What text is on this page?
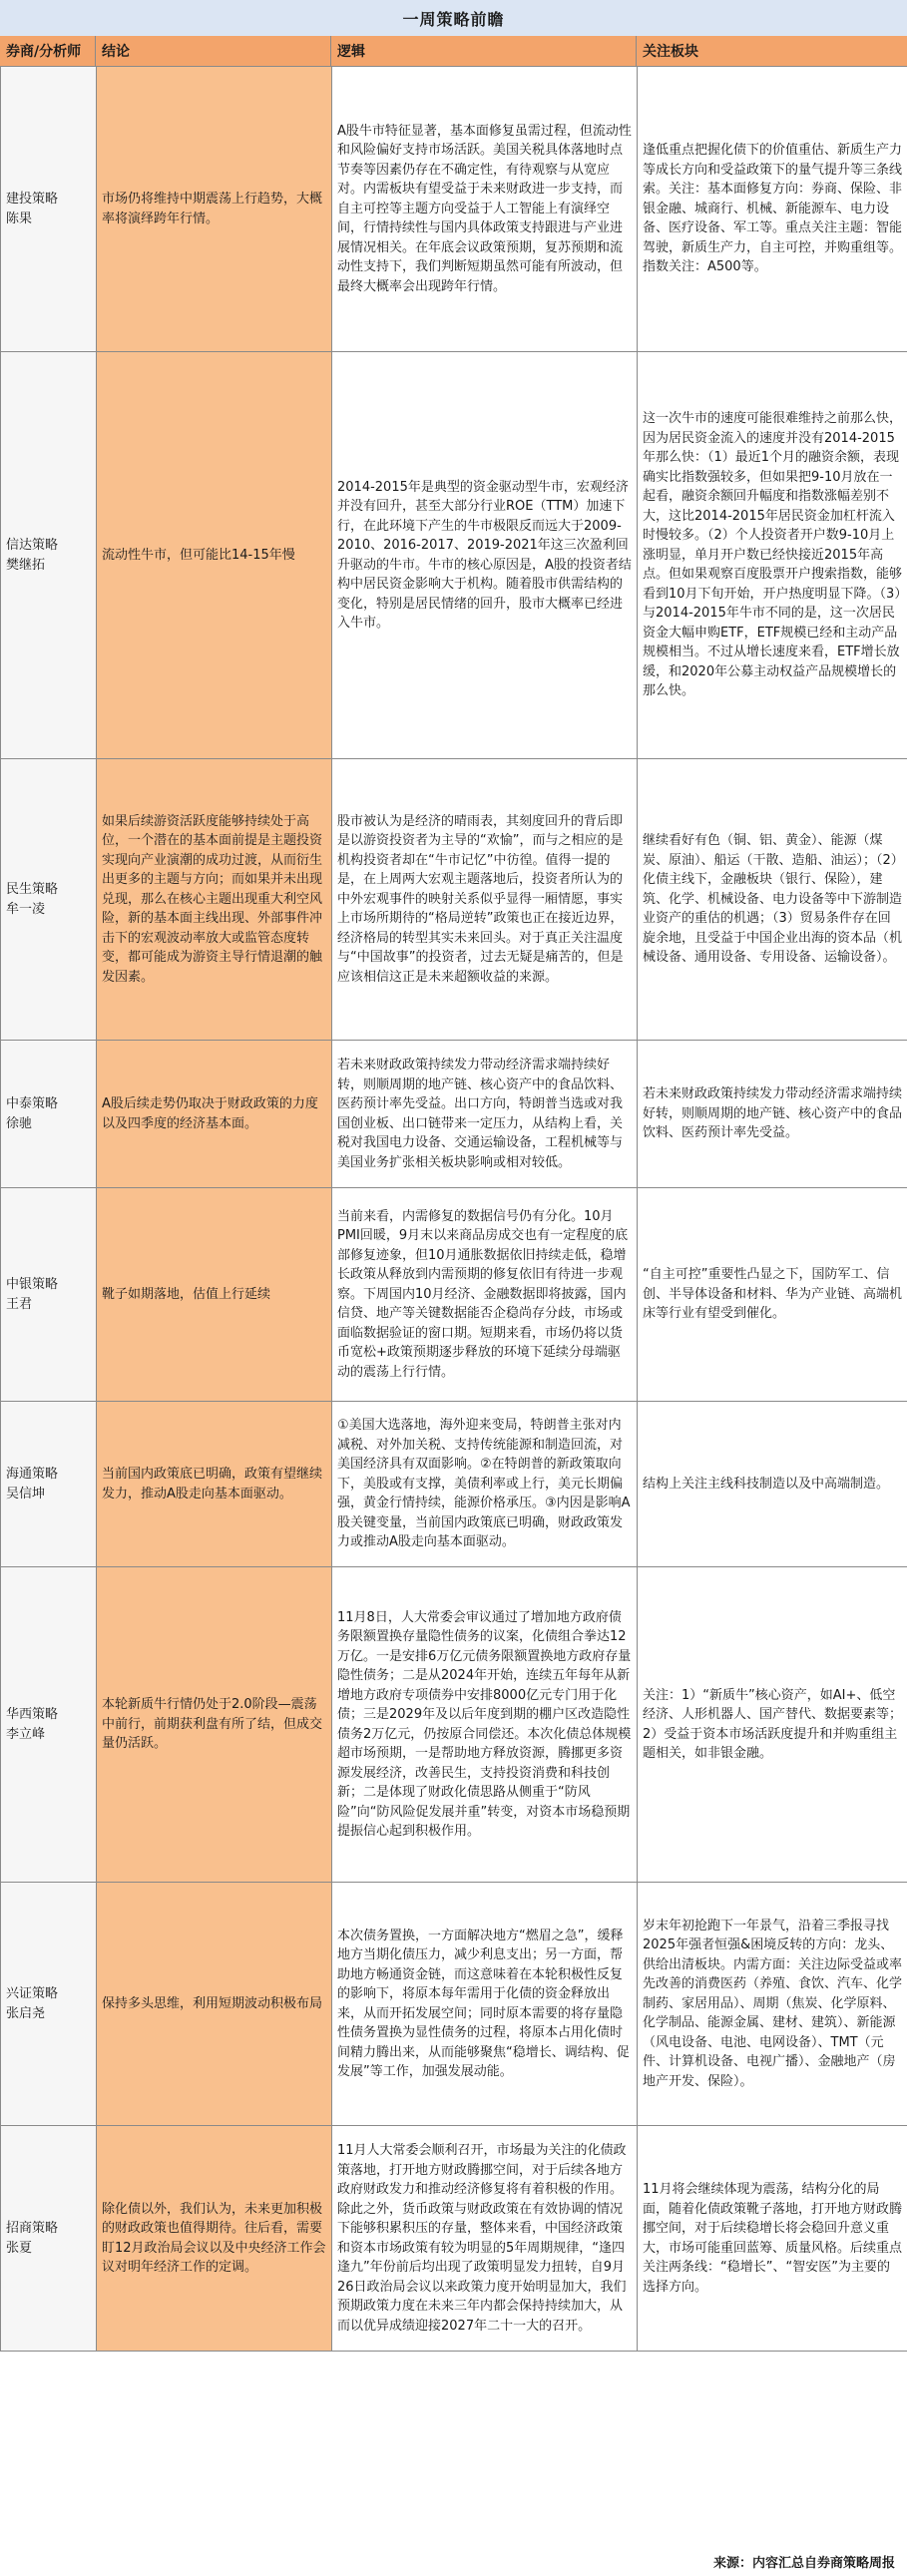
一周策略前瞻
券商/分析师	结论	逻辑	关注板块
建投策略
陈果	市场仍将维持中期震荡上行趋势，大概率将演绎跨年行情。	A股牛市特征显著，基本面修复虽需过程，但流动性和风险偏好支持市场活跃。美国关税具体落地时点节奏等因素仍存在不确定性，有待观察与从宽应对。内需板块有望受益于未来财政进一步支持，而自主可控等主题方向受益于人工智能上有演绎空间，行情持续性与国内具体政策支持跟进与产业进展情况相关。在年底会议政策预期，复苏预期和流动性支持下，我们判断短期虽然可能有所波动，但最终大概率会出现跨年行情。	逢低重点把握化债下的价值重估、新质生产力等成长方向和受益政策下的量气提升等三条线索。关注：基本面修复方向：券商、保险、非银金融、城商行、机械、新能源车、电力设备、医疗设备、军工等。重点关注主题：智能驾驶，新质生产力，自主可控，并购重组等。指数关注：A500等。

信达策略
樊继拓	流动性牛市，但可能比14-15年慢	2014-2015年是典型的资金驱动型牛市，宏观经济并没有回升，甚至大部分行业ROE（TTM）加速下行，在此环境下产生的牛市极限反而远大于2009-2010、2016-2017、2019-2021年这三次盈利回升驱动的牛市。牛市的核心原因是，A股的投资者结构中居民资金影响大于机构。随着股市供需结构的变化，特别是居民情绪的回升，股市大概率已经进入牛市。	这一次牛市的速度可能很难维持之前那么快，因为居民资金流入的速度并没有2014-2015年那么快：（1）最近1个月的融资余额，表现确实比指数强较多，但如果把9-10月放在一起看，融资余额回升幅度和指数涨幅差别不大，这比2014-2015年居民资金加杠杆流入时慢较多。（2）个人投资者开户数9-10月上涨明显，单月开户数已经快接近2015年高点。但如果观察百度股票开户搜索指数，能够看到10月下旬开始，开户热度明显下降。（3）与2014-2015年牛市不同的是，这一次居民资金大幅申购ETF，ETF规模已经和主动产品规模相当。不过从增长速度来看，ETF增长放缓，和2020年公募主动权益产品规模增长的那么快。

民生策略
牟一凌	如果后续游资活跃度能够持续处于高位，一个潜在的基本面前提是主题投资实现向产业演潮的成功过渡，从而衍生出更多的主题与方向；而如果并未出现兑现，那么在核心主题出现重大利空风险，新的基本面主线出现、外部事件冲击下的宏观波动率放大或监管态度转变，都可能成为游资主导行情退潮的触发因素。	股市被认为是经济的晴雨表，其刻度回升的背后即是以游资投资者为主导的“欢愉”，而与之相应的是机构投资者却在“牛市记忆”中彷徨。值得一提的是，在上周两大宏观主题落地后，投资者所认为的中外宏观事件的映射关系似乎显得一厢情愿，事实上市场所期待的“格局逆转”政策也正在接近边界，经济格局的转型其实未来回头。对于真正关注温度与“中国故事”的投资者，过去无疑是痛苦的，但是应该相信这正是未来超额收益的来源。	继续看好有色（铜、铝、黄金）、能源（煤炭、原油）、船运（干散、造船、油运）；（2）化债主线下，金融板块（银行、保险），建筑、化学、机械设备、电力设备等中下游制造业资产的重估的机遇；（3）贸易条件存在回旋余地，且受益于中国企业出海的资本品（机械设备、通用设备、专用设备、运输设备）。

中泰策略
徐驰	A股后续走势仍取决于财政政策的力度以及四季度的经济基本面。	若未来财政政策持续发力带动经济需求端持续好转，则顺周期的地产链、核心资产中的食品饮料、医药预计率先受益。出口方向，特朗普当选或对我国创业板、出口链带来一定压力，从结构上看，关税对我国电力设备、交通运输设备，工程机械等与美国业务扩张相关板块影响或相对较低。	若未来财政政策持续发力带动经济需求端持续好转，则顺周期的地产链、核心资产中的食品饮料、医药预计率先受益。

中银策略
王君	靴子如期落地，估值上行延续	当前来看，内需修复的数据信号仍有分化。10月PMI回暖，9月末以来商品房成交也有一定程度的底部修复迹象，但10月通胀数据依旧持续走低，稳增长政策从释放到内需预期的修复依旧有待进一步观察。下周国内10月经济、金融数据即将披露，国内信贷、地产等关键数据能否企稳尚存分歧，市场或面临数据验证的窗口期。短期来看，市场仍将以货币宽松+政策预期逐步释放的环境下延续分母端驱动的震荡上行行情。	“自主可控”重要性凸显之下，国防军工、信创、半导体设备和材料、华为产业链、高端机床等行业有望受到催化。

海通策略
吴信坤	当前国内政策底已明确，政策有望继续发力，推动A股走向基本面驱动。	①美国大选落地，海外迎来变局，特朗普主张对内减税、对外加关税、支持传统能源和制造回流，对美国经济具有双面影响。②在特朗普的新政策取向下，美股或有支撑，美债利率或上行，美元长期偏强，黄金行情持续，能源价格承压。③内因是影响A股关键变量，当前国内政策底已明确，财政政策发力或推动A股走向基本面驱动。	结构上关注主线科技制造以及中高端制造。

华西策略
李立峰	本轮新质牛行情仍处于2.0阶段—震荡中前行，前期获利盘有所了结，但成交量仍活跃。	11月8日，人大常委会审议通过了增加地方政府债务限额置换存量隐性债务的议案，化债组合拳达12万亿。一是安排6万亿元债务限额置换地方政府存量隐性债务；二是从2024年开始，连续五年每年从新增地方政府专项债券中安排8000亿元专门用于化债；三是2029年及以后年度到期的棚户区改造隐性债务2万亿元，仍按原合同偿还。本次化债总体规模超市场预期，一是帮助地方释放资源，腾挪更多资源发展经济，改善民生，支持投资消费和科技创新；二是体现了财政化债思路从侧重于“防风险”向“防风险促发展并重”转变，对资本市场稳预期提振信心起到积极作用。	关注：1）“新质牛”核心资产，如AI+、低空经济、人形机器人、国产替代、数据要素等；2）受益于资本市场活跃度提升和并购重组主题相关，如非银金融。

兴证策略
张启尧	保持多头思维，利用短期波动积极布局	本次债务置换，一方面解决地方“燃眉之急”，缓释地方当期化债压力，减少利息支出；另一方面，帮助地方畅通资金链，而这意味着在本轮积极性反复的影响下，将原本每年需用于化债的资金释放出来，从而开拓发展空间；同时原本需要的将存量隐性债务置换为显性债务的过程，将原本占用化债时间精力腾出来，从而能够聚焦“稳增长、调结构、促发展”等工作，加强发展动能。	岁末年初抢跑下一年景气，沿着三季报寻找2025年强者恒强&困境反转的方向：龙头、供给出清板块。内需方面：关注边际受益或率先改善的消费医药（养殖、食饮、汽车、化学制药、家居用品）、周期（焦炭、化学原料、化学制品、能源金属、建材、建筑）、新能源（风电设备、电池、电网设备）、TMT（元件、计算机设备、电视广播）、金融地产（房地产开发、保险）。

招商策略
张夏	除化债以外，我们认为，未来更加积极的财政政策也值得期待。往后看，需要盯12月政治局会议以及中央经济工作会议对明年经济工作的定调。	11月人大常委会顺利召开，市场最为关注的化债政策落地，打开地方财政腾挪空间，对于后续各地方政府财政发力和推动经济修复将有着积极的作用。除此之外，货币政策与财政政策在有效协调的情况下能够积累积压的存量，整体来看，中国经济政策和资本市场政策有较为明显的5年周期规律，“逢四逢九”年份前后均出现了政策明显发力扭转，自9月26日政治局会议以来政策力度开始明显加大，我们预期政策力度在未来三年内都会保持持续加大，从而以优异成绩迎接2027年二十一大的召开。	11月将会继续体现为震荡，结构分化的局面，随着化债政策靴子落地，打开地方财政腾挪空间，对于后续稳增长将会稳回升意义重大，市场可能重回蓝筹、质量风格。后续重点关注两条线：“稳增长”、“智安医”为主要的选择方向。
来源：内容汇总自券商策略周报
